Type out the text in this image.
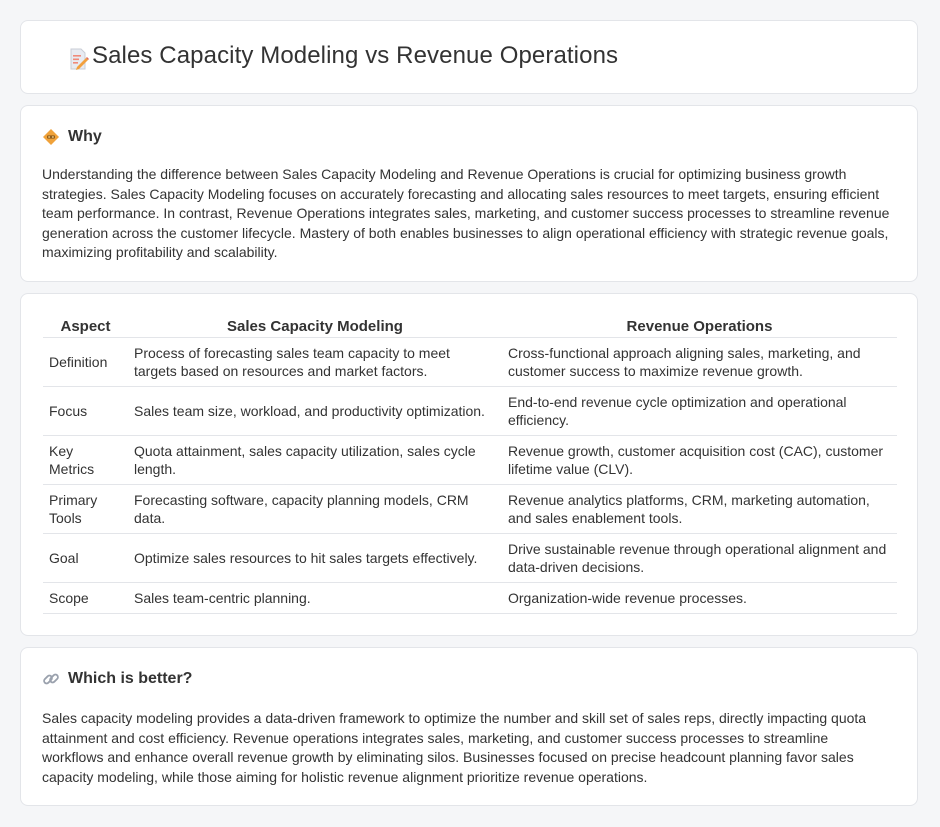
Sales Capacity Modeling vs Revenue Operations
Why

Understanding the difference between Sales Capacity Modeling and Revenue Operations is crucial for optimizing business growth strategies. Sales Capacity Modeling focuses on accurately forecasting and allocating sales resources to meet targets, ensuring efficient team performance. In contrast, Revenue Operations integrates sales, marketing, and customer success processes to streamline revenue generation across the customer lifecycle. Mastery of both enables businesses to align operational efficiency with strategic revenue goals, maximizing profitability and scalability.

Aspect	Sales Capacity Modeling	Revenue Operations
Definition	Process of forecasting sales team capacity to meet targets based on resources and market factors.	Cross-functional approach aligning sales, marketing, and customer success to maximize revenue growth.
Focus	Sales team size, workload, and productivity optimization.	End-to-end revenue cycle optimization and operational efficiency.
Key Metrics	Quota attainment, sales capacity utilization, sales cycle length.	Revenue growth, customer acquisition cost (CAC), customer lifetime value (CLV).
Primary Tools	Forecasting software, capacity planning models, CRM data.	Revenue analytics platforms, CRM, marketing automation, and sales enablement tools.
Goal	Optimize sales resources to hit sales targets effectively.	Drive sustainable revenue through operational alignment and data-driven decisions.
Scope	Sales team-centric planning.	Organization-wide revenue processes.
Which is better?

Sales capacity modeling provides a data-driven framework to optimize the number and skill set of sales reps, directly impacting quota attainment and cost efficiency. Revenue operations integrates sales, marketing, and customer success processes to streamline workflows and enhance overall revenue growth by eliminating silos. Businesses focused on precise headcount planning favor sales capacity modeling, while those aiming for holistic revenue alignment prioritize revenue operations.
